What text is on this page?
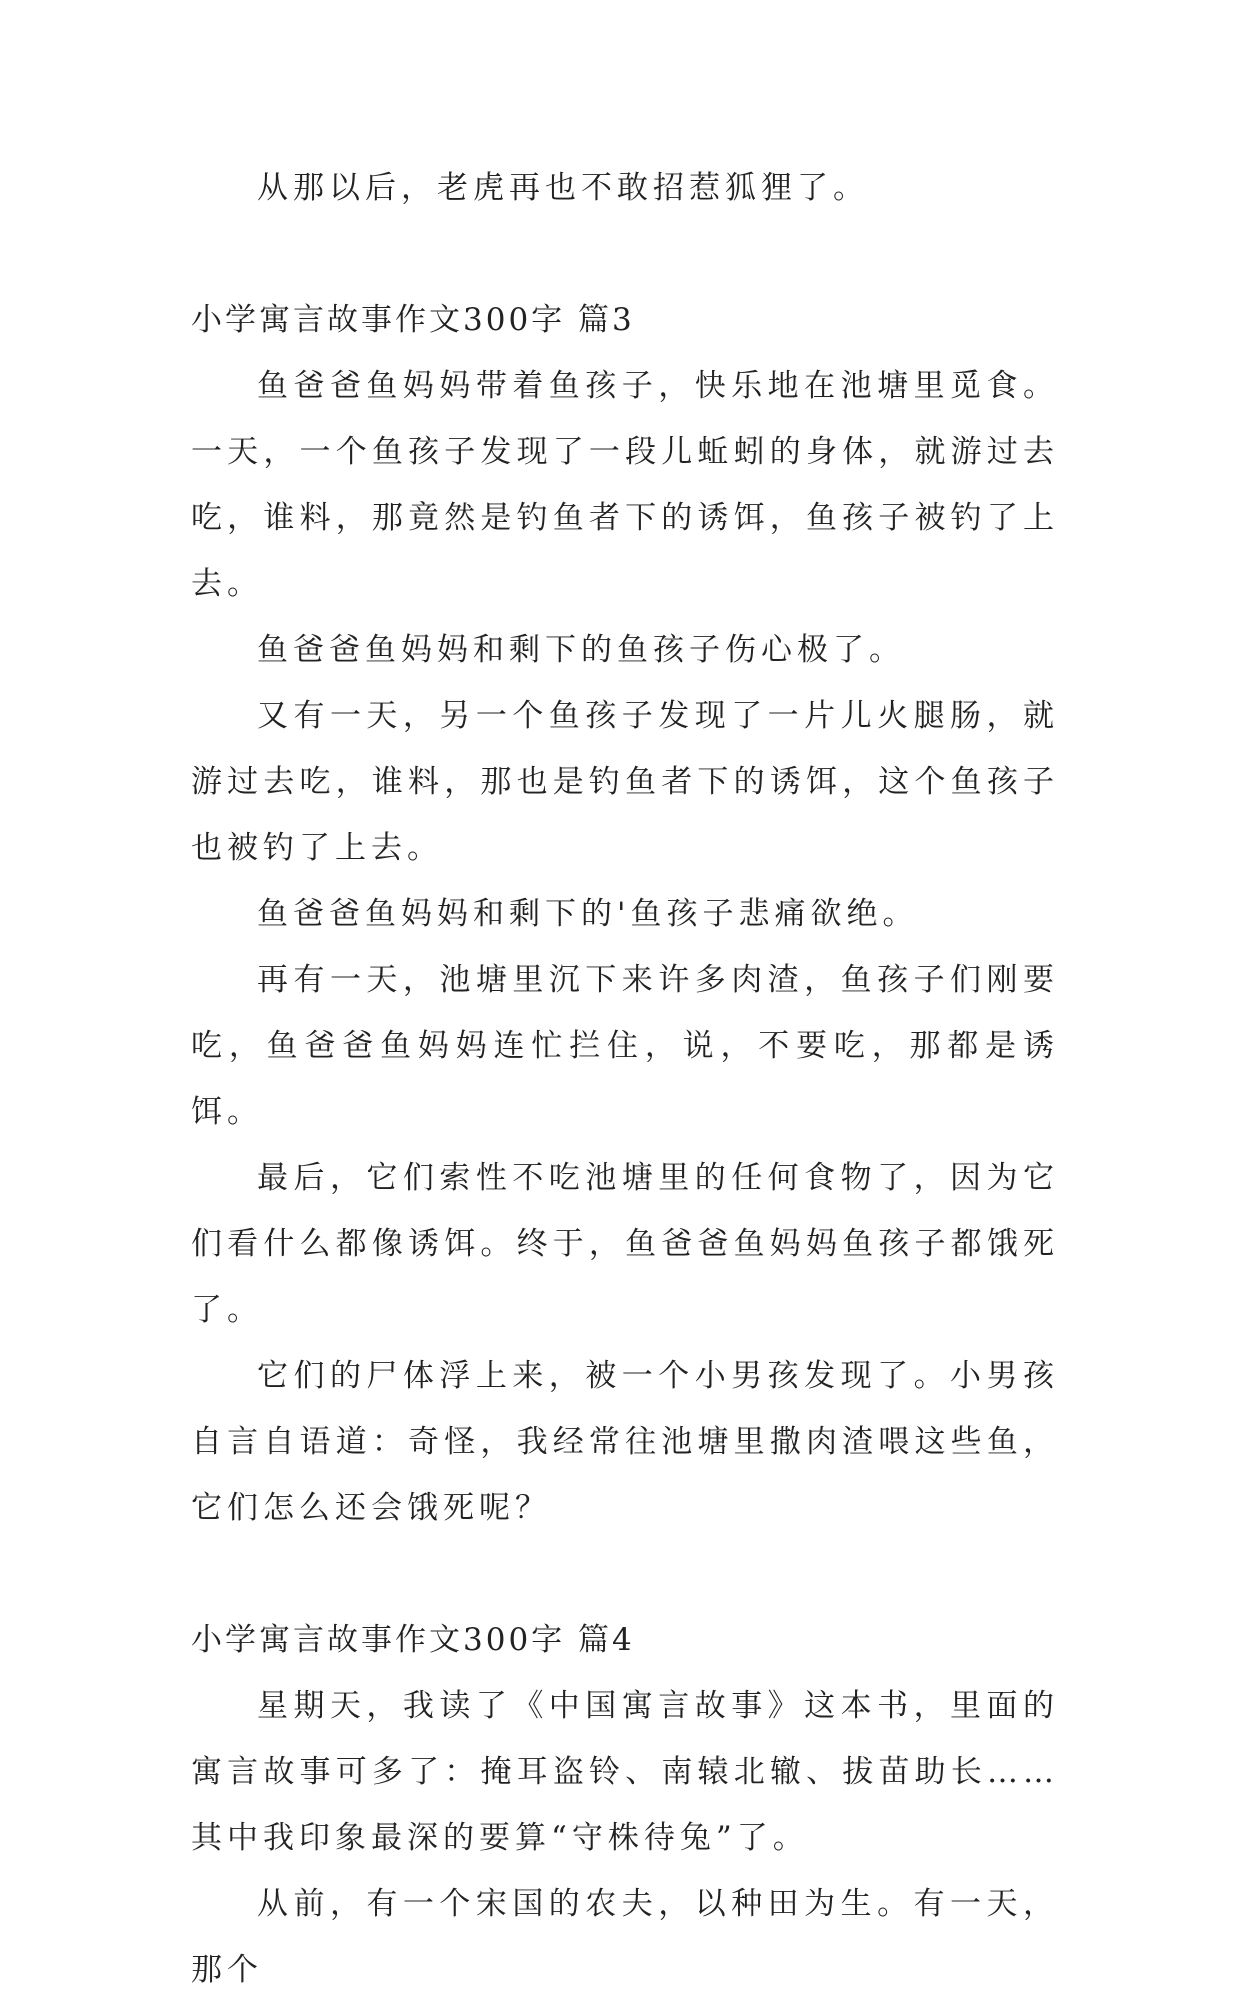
从那以后，老虎再也不敢招惹狐狸了。

小学寓言故事作文300字 篇3

鱼爸爸鱼妈妈带着鱼孩子，快乐地在池塘里觅食。一天，一个鱼孩子发现了一段儿蚯蚓的身体，就游过去吃，谁料，那竟然是钓鱼者下的诱饵，鱼孩子被钓了上去。

鱼爸爸鱼妈妈和剩下的鱼孩子伤心极了。

又有一天，另一个鱼孩子发现了一片儿火腿肠，就游过去吃，谁料，那也是钓鱼者下的诱饵，这个鱼孩子也被钓了上去。

鱼爸爸鱼妈妈和剩下的'鱼孩子悲痛欲绝。

再有一天，池塘里沉下来许多肉渣，鱼孩子们刚要吃，鱼爸爸鱼妈妈连忙拦住，说，不要吃，那都是诱饵。

最后，它们索性不吃池塘里的任何食物了，因为它们看什么都像诱饵。终于，鱼爸爸鱼妈妈鱼孩子都饿死了。

它们的尸体浮上来，被一个小男孩发现了。小男孩自言自语道：奇怪，我经常往池塘里撒肉渣喂这些鱼，它们怎么还会饿死呢？

小学寓言故事作文300字 篇4

星期天，我读了《中国寓言故事》这本书，里面的寓言故事可多了：掩耳盗铃、南辕北辙、拔苗助长……其中我印象最深的要算“守株待兔”了。

从前，有一个宋国的农夫，以种田为生。有一天，那个
